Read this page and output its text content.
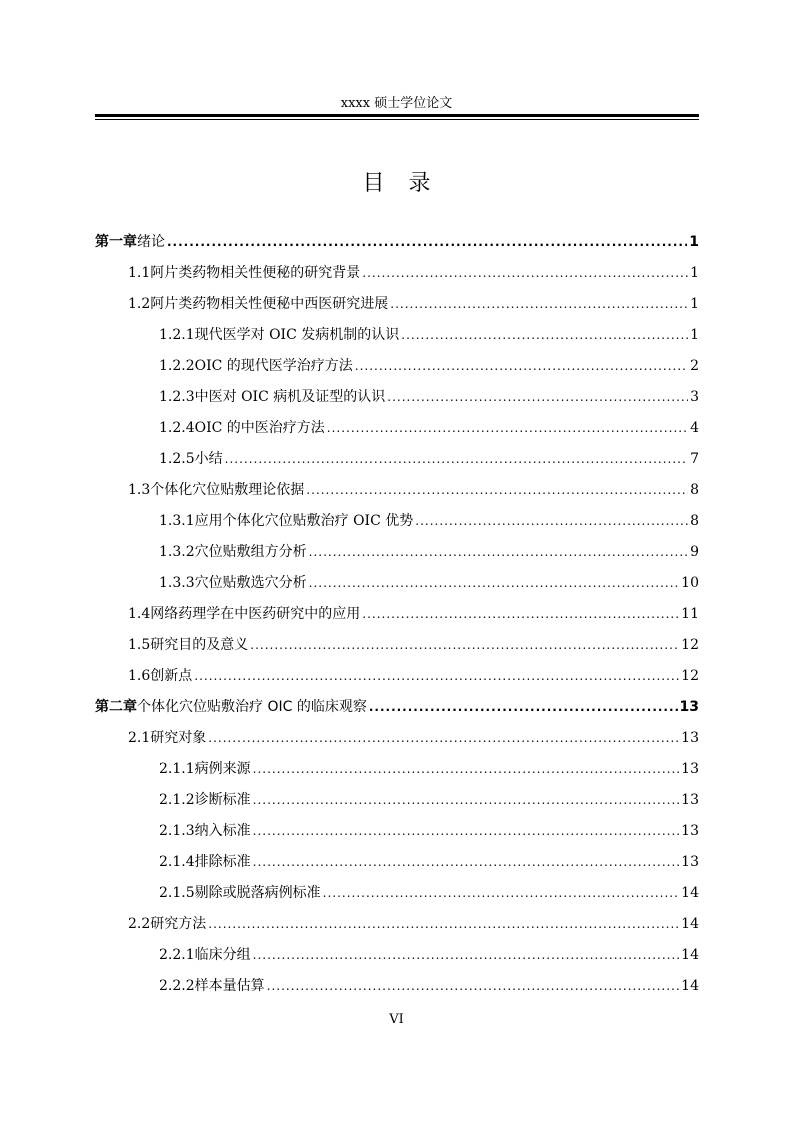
xxxx 硕士学位论文
目 录
第一章 绪论 .....	1
1.1 阿片类药物相关性便秘的研究背景 .....	1
1.2 阿片类药物相关性便秘中西医研究进展 .....	1
1.2.1 现代医学对 OIC 发病机制的认识 .....	1
1.2.2 OIC 的现代医学治疗方法 .....	2
1.2.3 中医对 OIC 病机及证型的认识 .....	3
1.2.4 OIC 的中医治疗方法 .....	4
1.2.5 小结 .....	7
1.3 个体化穴位贴敷理论依据 .....	8
1.3.1 应用个体化穴位贴敷治疗 OIC 优势 .....	8
1.3.2 穴位贴敷组方分析 .....	9
1.3.3 穴位贴敷选穴分析 .....	10
1.4 网络药理学在中医药研究中的应用 .....	11
1.5 研究目的及意义 .....	12
1.6 创新点 .....	12
第二章 个体化穴位贴敷治疗 OIC 的临床观察 .....	13
2.1 研究对象 .....	13
2.1.1 病例来源 .....	13
2.1.2 诊断标准 .....	13
2.1.3 纳入标准 .....	13
2.1.4 排除标准 .....	13
2.1.5 剔除或脱落病例标准 .....	14
2.2 研究方法 .....	14
2.2.1 临床分组 .....	14
2.2.2 样本量估算 .....	14
VI
